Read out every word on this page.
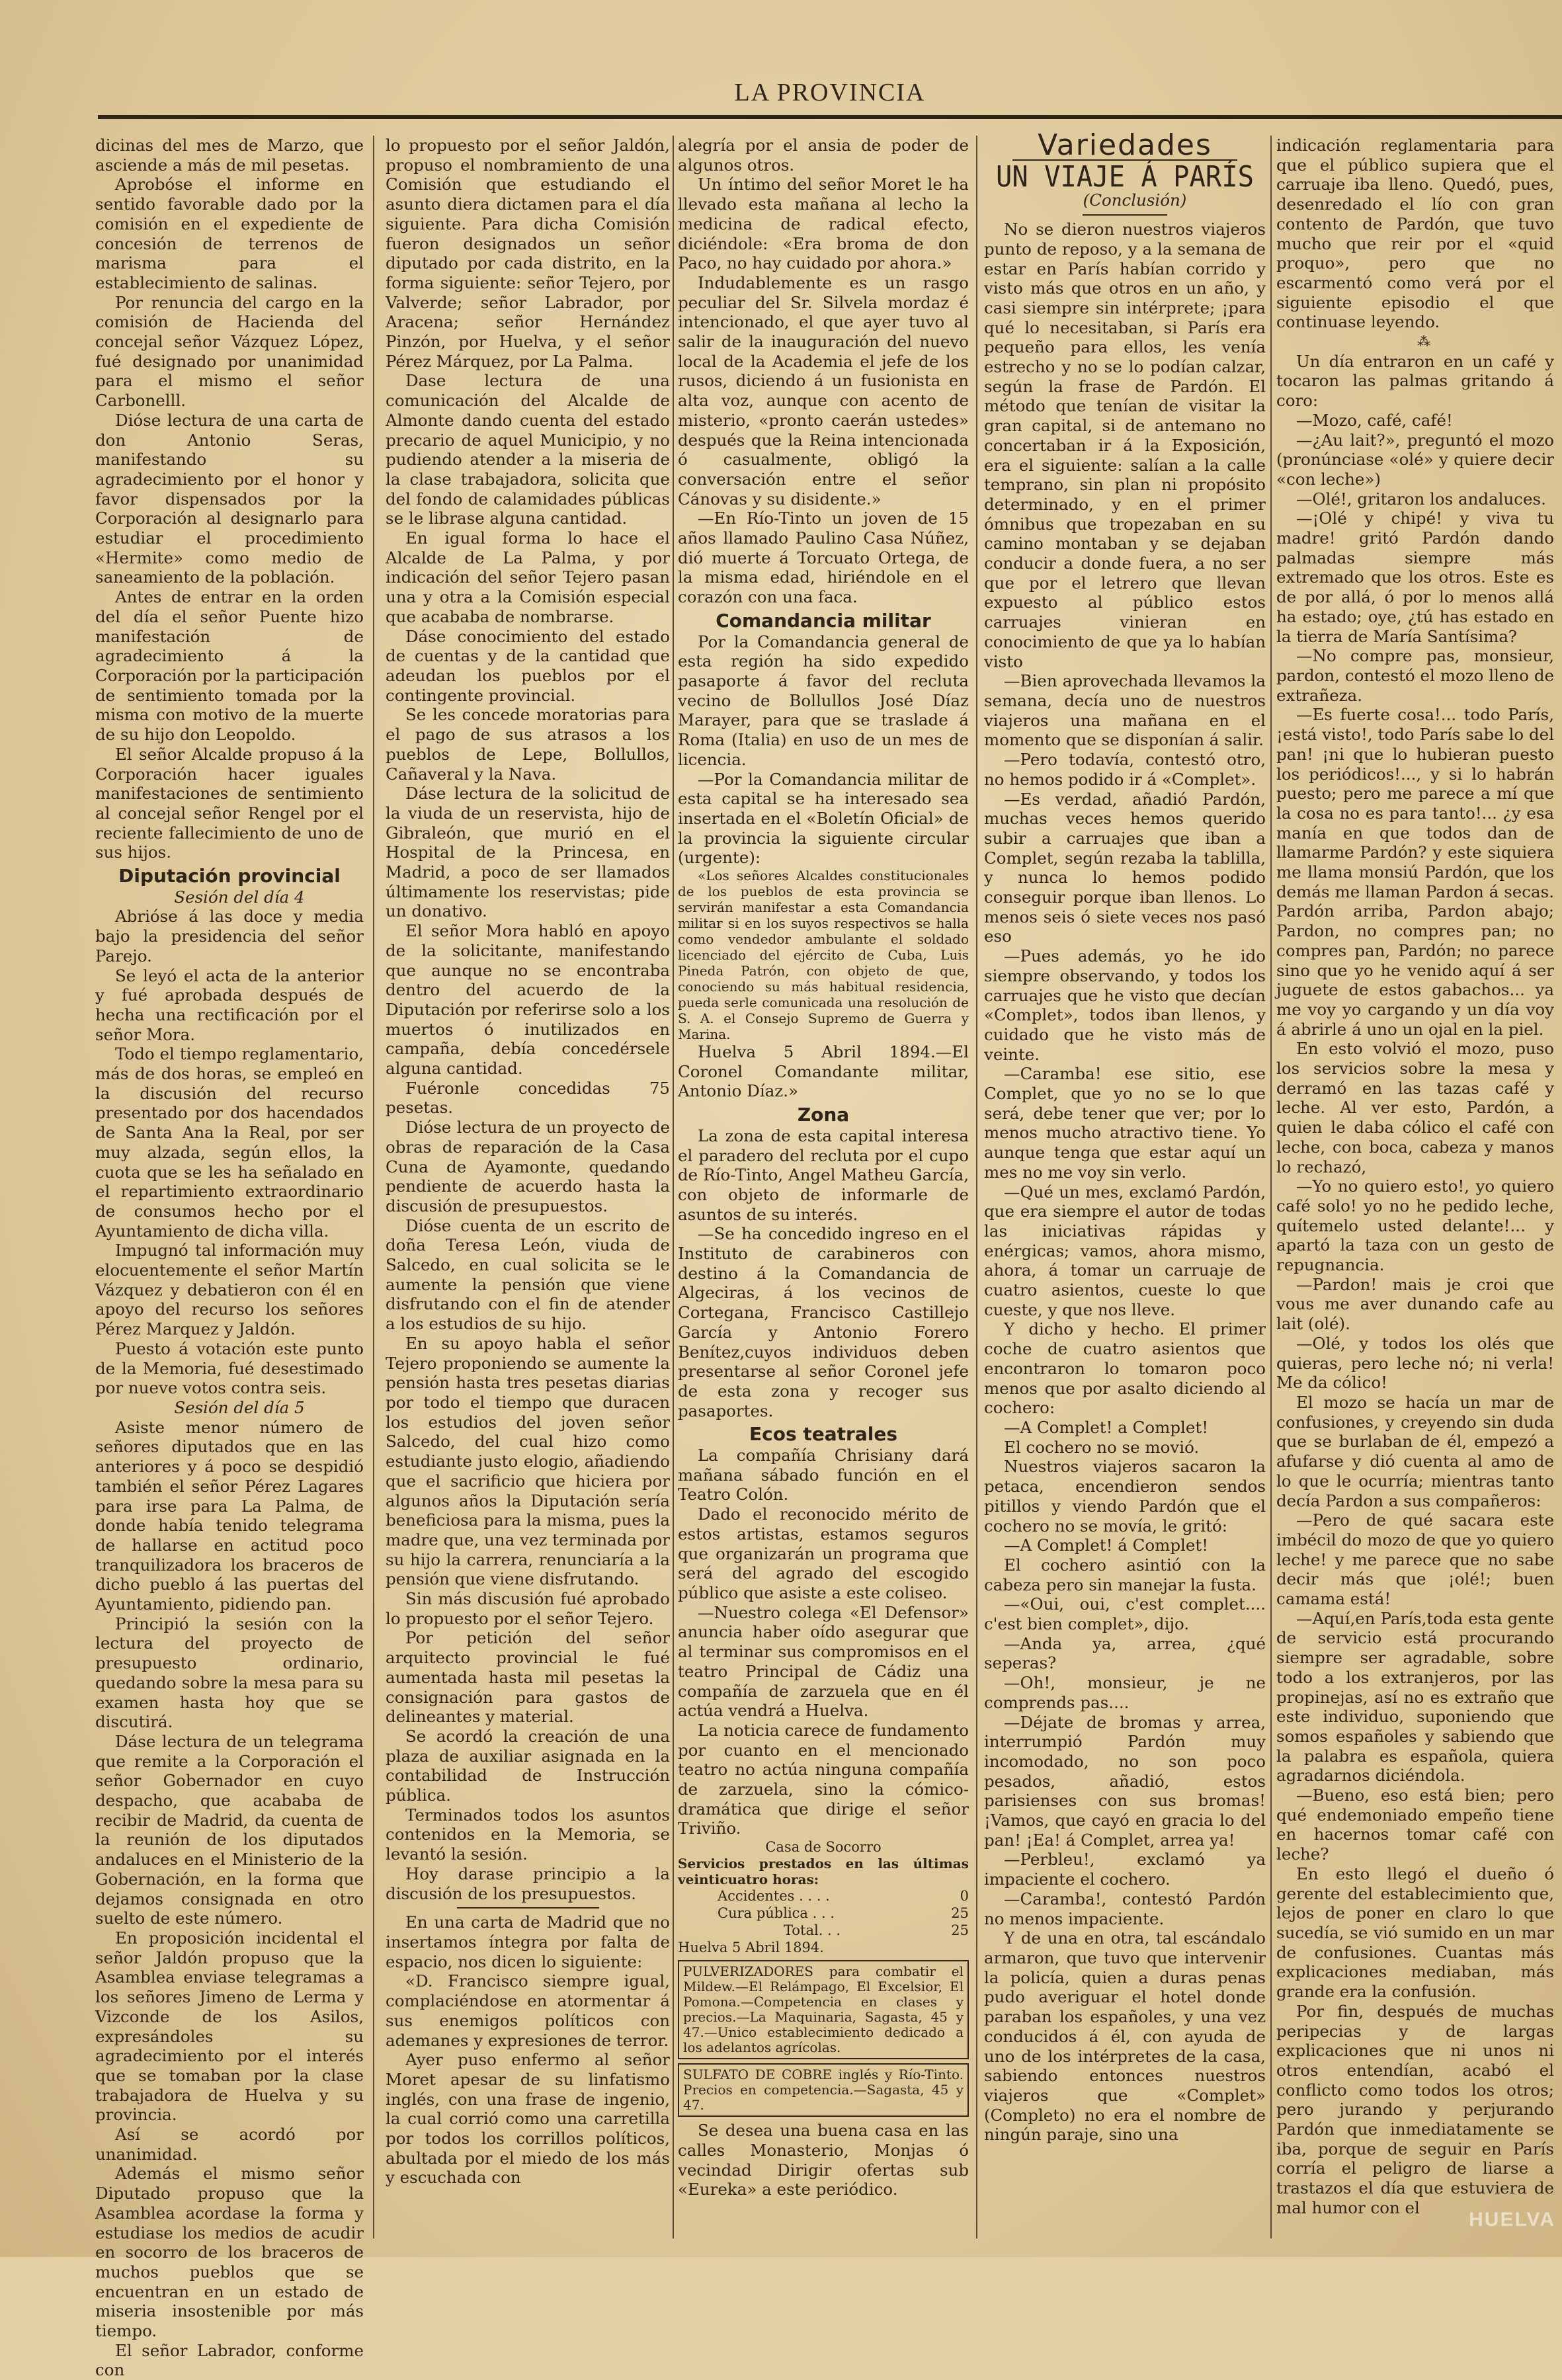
LA PROVINCIA

dicinas del mes de Marzo, que asciende a más de mil pesetas.

Aprobóse el informe en sentido favorable dado por la comisión en el expediente de concesión de terrenos de marisma para el establecimiento de salinas.

Por renuncia del cargo en la comisión de Hacienda del concejal señor Vázquez López, fué designado por unanimidad para el mismo el señor Carbonelll.

Dióse lectura de una carta de don Antonio Seras, manifestando su agradecimiento por el honor y favor dispensados por la Corporación al designarlo para estudiar el procedimiento «Hermite» como medio de saneamiento de la población.

Antes de entrar en la orden del día el señor Puente hizo manifestación de agradecimiento á la Corporación por la participación de sentimiento tomada por la misma con motivo de la muerte de su hijo don Leopoldo.

El señor Alcalde propuso á la Corporación hacer iguales manifestaciones de sentimiento al concejal señor Rengel por el reciente fallecimiento de uno de sus hijos.

Diputación provincial

Sesión del día 4

Abrióse á las doce y media bajo la presidencia del señor Parejo.

Se leyó el acta de la anterior y fué aprobada después de hecha una rectificación por el señor Mora.

Todo el tiempo reglamentario, más de dos horas, se empleó en la discusión del recurso presentado por dos hacendados de Santa Ana la Real, por ser muy alzada, según ellos, la cuota que se les ha señalado en el repartimiento extraordinario de consumos hecho por el Ayuntamiento de dicha villa.

Impugnó tal información muy elocuentemente el señor Martín Vázquez y debatieron con él en apoyo del recurso los señores Pérez Marquez y Jaldón.

Puesto á votación este punto de la Memoria, fué desestimado por nueve votos contra seis.

Sesión del día 5

Asiste menor número de señores diputados que en las anteriores y á poco se despidió también el señor Pérez Lagares para irse para La Palma, de donde había tenido telegrama de hallarse en actitud poco tranquilizadora los braceros de dicho pueblo á las puertas del Ayuntamiento, pidiendo pan.

Principió la sesión con la lectura del proyecto de presupuesto ordinario, quedando sobre la mesa para su examen hasta hoy que se discutirá.

Dáse lectura de un telegrama que remite a la Corporación el señor Gobernador en cuyo despacho, que acababa de recibir de Madrid, da cuenta de la reunión de los diputados andaluces en el Ministerio de la Gobernación, en la forma que dejamos consignada en otro suelto de este número.

En proposición incidental el señor Jaldón propuso que la Asamblea enviase telegramas a los señores Jimeno de Lerma y Vizconde de los Asilos, expresándoles su agradecimiento por el interés que se tomaban por la clase trabajadora de Huelva y su provincia.

Así se acordó por unanimidad.

Además el mismo señor Diputado propuso que la Asamblea acordase la forma y estudiase los medios de acudir en socorro de los braceros de muchos pueblos que se encuentran en un estado de miseria insostenible por más tiempo.

El señor Labrador, conforme con

lo propuesto por el señor Jaldón, propuso el nombramiento de una Comisión que estudiando el asunto diera dictamen para el día siguiente. Para dicha Comisión fueron designados un señor diputado por cada distrito, en la forma siguiente: señor Tejero, por Valverde; señor Labrador, por Aracena; señor Hernández Pinzón, por Huelva, y el señor Pérez Márquez, por La Palma.

Dase lectura de una comunicación del Alcalde de Almonte dando cuenta del estado precario de aquel Municipio, y no pudiendo atender a la miseria de la clase trabajadora, solicita que del fondo de calamidades públicas se le librase alguna cantidad.

En igual forma lo hace el Alcalde de La Palma, y por indicación del señor Tejero pasan una y otra a la Comisión especial que acababa de nombrarse.

Dáse conocimiento del estado de cuentas y de la cantidad que adeudan los pueblos por el contingente provincial.

Se les concede moratorias para el pago de sus atrasos a los pueblos de Lepe, Bollullos, Cañaveral y la Nava.

Dáse lectura de la solicitud de la viuda de un reservista, hijo de Gibraleón, que murió en el Hospital de la Princesa, en Madrid, a poco de ser llamados últimamente los reservistas; pide un donativo.

El señor Mora habló en apoyo de la solicitante, manifestando que aunque no se encontraba dentro del acuerdo de la Diputación por referirse solo a los muertos ó inutilizados en campaña, debía concedérsele alguna cantidad.

Fuéronle concedidas 75 pesetas.

Dióse lectura de un proyecto de obras de reparación de la Casa Cuna de Ayamonte, quedando pendiente de acuerdo hasta la discusión de presupuestos.

Dióse cuenta de un escrito de doña Teresa León, viuda de Salcedo, en cual solicita se le aumente la pensión que viene disfrutando con el fin de atender a los estudios de su hijo.

En su apoyo habla el señor Tejero proponiendo se aumente la pensión hasta tres pesetas diarias por todo el tiempo que duracen los estudios del joven señor Salcedo, del cual hizo como estudiante justo elogio, añadiendo que el sacrificio que hiciera por algunos años la Diputación sería beneficiosa para la misma, pues la madre que, una vez terminada por su hijo la carrera, renunciaría a la pensión que viene disfrutando.

Sin más discusión fué aprobado lo propuesto por el señor Tejero.

Por petición del señor arquitecto provincial le fué aumentada hasta mil pesetas la consignación para gastos de delineantes y material.

Se acordó la creación de una plaza de auxiliar asignada en la contabilidad de Instrucción pública.

Terminados todos los asuntos contenidos en la Memoria, se levantó la sesión.

Hoy darase principio a la discusión de los presupuestos.

En una carta de Madrid que no insertamos íntegra por falta de espacio, nos dicen lo siguiente:

«D. Francisco siempre igual, complaciéndose en atormentar á sus enemigos políticos con ademanes y expresiones de terror.

Ayer puso enfermo al señor Moret apesar de su linfatismo inglés, con una frase de ingenio, la cual corrió como una carretilla por todos los corrillos políticos, abultada por el miedo de los más y escuchada con

alegría por el ansia de poder de algunos otros.

Un íntimo del señor Moret le ha llevado esta mañana al lecho la medicina de radical efecto, diciéndole: «Era broma de don Paco, no hay cuidado por ahora.»

Indudablemente es un rasgo peculiar del Sr. Silvela mordaz é intencionado, el que ayer tuvo al salir de la inauguración del nuevo local de la Academia el jefe de los rusos, diciendo á un fusionista en alta voz, aunque con acento de misterio, «pronto caerán ustedes» después que la Reina intencionada ó casualmente, obligó la conversación entre el señor Cánovas y su disidente.»

—En Río-Tinto un joven de 15 años llamado Paulino Casa Núñez, dió muerte á Torcuato Ortega, de la misma edad, hiriéndole en el corazón con una faca.

Comandancia militar

Por la Comandancia general de esta región ha sido expedido pasaporte á favor del recluta vecino de Bollullos José Díaz Marayer, para que se traslade á Roma (Italia) en uso de un mes de licencia.

—Por la Comandancia militar de esta capital se ha interesado sea insertada en el «Boletín Oficial» de la provincia la siguiente circular (urgente):

«Los señores Alcaldes constitucionales de los pueblos de esta provincia se servirán manifestar a esta Comandancia militar si en los suyos respectivos se halla como vendedor ambulante el soldado licenciado del ejército de Cuba, Luis Pineda Patrón, con objeto de que, conociendo su más habitual residencia, pueda serle comunicada una resolución de S. A. el Consejo Supremo de Guerra y Marina.

Huelva 5 Abril 1894.—El Coronel Comandante militar, Antonio Díaz.»

Zona

La zona de esta capital interesa el paradero del recluta por el cupo de Río-Tinto, Angel Matheu García, con objeto de informarle de asuntos de su interés.

—Se ha concedido ingreso en el Instituto de carabineros con destino á la Comandancia de Algeciras, á los vecinos de Cortegana, Francisco Castillejo García y Antonio Forero Benítez,cuyos individuos deben presentarse al señor Coronel jefe de esta zona y recoger sus pasaportes.

Ecos teatrales

La compañía Chrisiany dará mañana sábado función en el Teatro Colón.

Dado el reconocido mérito de estos artistas, estamos seguros que organizarán un programa que será del agrado del escogido público que asiste a este coliseo.

—Nuestro colega «El Defensor» anuncia haber oído asegurar que al terminar sus compromisos en el teatro Principal de Cádiz una compañía de zarzuela que en él actúa vendrá a Huelva.

La noticia carece de fundamento por cuanto en el mencionado teatro no actúa ninguna compañía de zarzuela, sino la cómico-dramática que dirige el señor Triviño.

Casa de Socorro
Servicios prestados en las últimas veinticuatro horas:
Accidentes . . . .	0
Cura pública . . .	25
Total. . .	25
Huelva 5 Abril 1894.

PULVERIZADORES para combatir el Mildew.—El Relámpago, El Excelsior, El Pomona.—Competencia en clases y precios.—La Maquinaria, Sagasta, 45 y 47.—Unico establecimiento dedicado a los adelantos agrícolas.

SULFATO DE COBRE inglés y Río-Tinto. Precios en competencia.—Sagasta, 45 y 47.

Se desea una buena casa en las calles Monasterio, Monjas ó vecindad Dirigir ofertas sub «Eureka» a este periódico.

Variedades
UN VIAJE Á PARÍS

(Conclusión)

No se dieron nuestros viajeros punto de reposo, y a la semana de estar en París habían corrido y visto más que otros en un año, y casi siempre sin intérprete; ¡para qué lo necesitaban, si París era pequeño para ellos, les venía estrecho y no se lo podían calzar, según la frase de Pardón. El método que tenían de visitar la gran capital, si de antemano no concertaban ir á la Exposición, era el siguiente: salían a la calle temprano, sin plan ni propósito determinado, y en el primer ómnibus que tropezaban en su camino montaban y se dejaban conducir a donde fuera, a no ser que por el letrero que llevan expuesto al público estos carruajes vinieran en conocimiento de que ya lo habían visto

—Bien aprovechada llevamos la semana, decía uno de nuestros viajeros una mañana en el momento que se disponían á salir.

—Pero todavía, contestó otro, no hemos podido ir á «Complet».

—Es verdad, añadió Pardón, muchas veces hemos querido subir a carruajes que iban a Complet, según rezaba la tablilla, y nunca lo hemos podido conseguir porque iban llenos. Lo menos seis ó siete veces nos pasó eso

—Pues además, yo he ido siempre observando, y todos los carruajes que he visto que decían «Complet», todos iban llenos, y cuidado que he visto más de veinte.

—Caramba! ese sitio, ese Complet, que yo no se lo que será, debe tener que ver; por lo menos mucho atractivo tiene. Yo aunque tenga que estar aquí un mes no me voy sin verlo.

—Qué un mes, exclamó Pardón, que era siempre el autor de todas las iniciativas rápidas y enérgicas; vamos, ahora mismo, ahora, á tomar un carruaje de cuatro asientos, cueste lo que cueste, y que nos lleve.

Y dicho y hecho. El primer coche de cuatro asientos que encontraron lo tomaron poco menos que por asalto diciendo al cochero:

—A Complet! a Complet!

El cochero no se movió.

Nuestros viajeros sacaron la petaca, encendieron sendos pitillos y viendo Pardón que el cochero no se movía, le gritó:

—A Complet! á Complet!

El cochero asintió con la cabeza pero sin manejar la fusta.

—«Oui, oui, c'est complet.... c'est bien complet», dijo.

—Anda ya, arrea, ¿qué seperas?

—Oh!, monsieur, je ne comprends pas....

—Déjate de bromas y arrea, interrumpió Pardón muy incomodado, no son poco pesados, añadió, estos parisienses con sus bromas! ¡Vamos, que cayó en gracia lo del pan! ¡Ea! á Complet, arrea ya!

—Perbleu!, exclamó ya impaciente el cochero.

—Caramba!, contestó Pardón no menos impaciente.

Y de una en otra, tal escándalo armaron, que tuvo que intervenir la policía, quien a duras penas pudo averiguar el hotel donde paraban los españoles, y una vez conducidos á él, con ayuda de uno de los intérpretes de la casa, sabiendo entonces nuestros viajeros que «Complet» (Completo) no era el nombre de ningún paraje, sino una

indicación reglamentaria para que el público supiera que el carruaje iba lleno. Quedó, pues, desenredado el lío con gran contento de Pardón, que tuvo mucho que reir por el «quid proquo», pero que no escarmentó como verá por el siguiente episodio el que continuase leyendo.

⁂

Un día entraron en un café y tocaron las palmas gritando á coro:

—Mozo, café, café!

—¿Au lait?», preguntó el mozo (pronúnciase «olé» y quiere decir «con leche»)

—Olé!, gritaron los andaluces.

—¡Olé y chipé! y viva tu madre! gritó Pardón dando palmadas siempre más extremado que los otros. Este es de por allá, ó por lo menos allá ha estado; oye, ¿tú has estado en la tierra de María Santísima?

—No compre pas, monsieur, pardon, contestó el mozo lleno de extrañeza.

—Es fuerte cosa!... todo París, ¡está visto!, todo París sabe lo del pan! ¡ni que lo hubieran puesto los periódicos!..., y si lo habrán puesto; pero me parece a mí que la cosa no es para tanto!... ¿y esa manía en que todos dan de llamarme Pardón? y este siquiera me llama monsiú Pardón, que los demás me llaman Pardon á secas. Pardón arriba, Pardon abajo; Pardon, no compres pan; no compres pan, Pardón; no parece sino que yo he venido aquí á ser juguete de estos gabachos... ya me voy yo cargando y un día voy á abrirle á uno un ojal en la piel.

En esto volvió el mozo, puso los servicios sobre la mesa y derramó en las tazas café y leche. Al ver esto, Pardón, a quien le daba cólico el café con leche, con boca, cabeza y manos lo rechazó,

—Yo no quiero esto!, yo quiero café solo! yo no he pedido leche, quítemelo usted delante!... y apartó la taza con un gesto de repugnancia.

—Pardon! mais je croi que vous me aver dunando cafe au lait (olé).

—Olé, y todos los olés que quieras, pero leche nó; ni verla! Me da cólico!

El mozo se hacía un mar de confusiones, y creyendo sin duda que se burlaban de él, empezó a afufarse y dió cuenta al amo de lo que le ocurría; mientras tanto decía Pardon a sus compañeros:

—Pero de qué sacara este imbécil do mozo de que yo quiero leche! y me parece que no sabe decir más que ¡olé!; buen camama está!

—Aquí,en París,toda esta gente de servicio está procurando siempre ser agradable, sobre todo a los extranjeros, por las propinejas, así no es extraño que este individuo, suponiendo que somos españoles y sabiendo que la palabra es española, quiera agradarnos diciéndola.

—Bueno, eso está bien; pero qué endemoniado empeño tiene en hacernos tomar café con leche?

En esto llegó el dueño ó gerente del establecimiento que, lejos de poner en claro lo que sucedía, se vió sumido en un mar de confusiones. Cuantas más explicaciones mediaban, más grande era la confusión.

Por fin, después de muchas peripecias y de largas explicaciones que ni unos ni otros entendían, acabó el conflicto como todos los otros; pero jurando y perjurando Pardón que inmediatamente se iba, porque de seguir en París corría el peligro de liarse a trastazos el día que estuviera de mal humor con el

HUELVA
